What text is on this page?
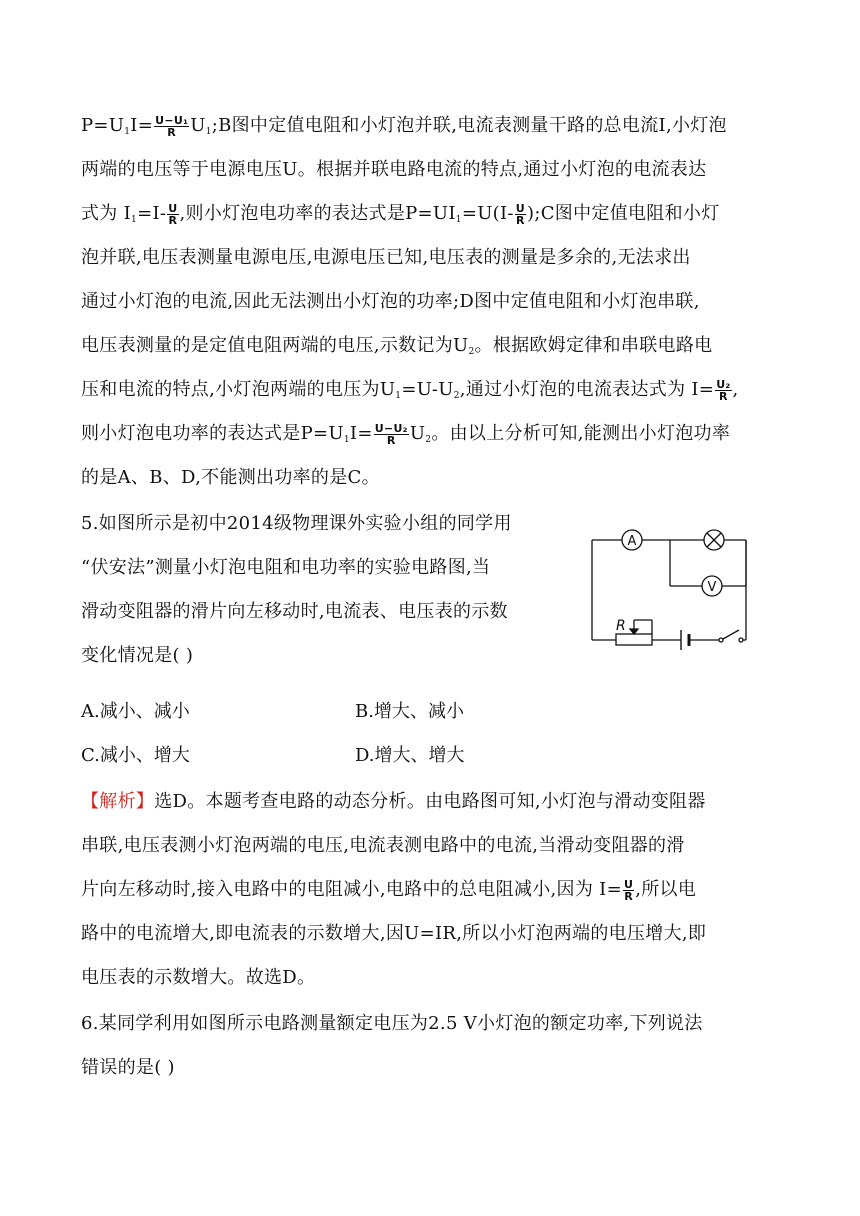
$P=U_1I= \frac{\text{U−U₁}}{R}$ $U_1;B$图中定值电阻和小灯泡并联,电流表测量干路的总电流I,小灯泡
两端的电压等于电源电压U。根据并联电路电流的特点,通过小灯泡的电流表达
式为 $I_1=I- \frac{U}{R}$ ,则小灯泡电功率的表达式是$P=UI_1=U(I- \frac{U}{R}$ );C图中定值电阻和小灯
泡并联,电压表测量电源电压,电源电压已知,电压表的测量是多余的,无法求出
通过小灯泡的电流,因此无法测出小灯泡的功率;D图中定值电阻和小灯泡串联,
电压表测量的是定值电阻两端的电压,示数记为$U_2$。根据欧姆定律和串联电路电
压和电流的特点,小灯泡两端的电压为$U_1=U-U_2$,通过小灯泡的电流表达式为 $I= \frac{\text{U₂}}{R}$ ,
则小灯泡电功率的表达式是$P=U_1I= \frac{\text{U−U₂}}{R} U_2$。由以上分析可知,能测出小灯泡功率
的是A、B、D,不能测出功率的是C。
5.如图所示是初中2014级物理课外实验小组的同学用
“伏安法”测量小灯泡电阻和电功率的实验电路图,当
滑动变阻器的滑片向左移动时,电流表、电压表的示数
变化情况是( )
A
V
R
A.减小、减小	B.增大、减小
C.减小、增大	D.增大、增大
【解析】选D。本题考查电路的动态分析。由电路图可知,小灯泡与滑动变阻器
串联,电压表测小灯泡两端的电压,电流表测电路中的电流,当滑动变阻器的滑
片向左移动时,接入电路中的电阻减小,电路中的总电阻减小,因为 $I= \frac{U}{R}$ ,所以电
路中的电流增大,即电流表的示数增大,因U=IR,所以小灯泡两端的电压增大,即
电压表的示数增大。故选D。
6.某同学利用如图所示电路测量额定电压为2.5 V小灯泡的额定功率,下列说法
错误的是( )
